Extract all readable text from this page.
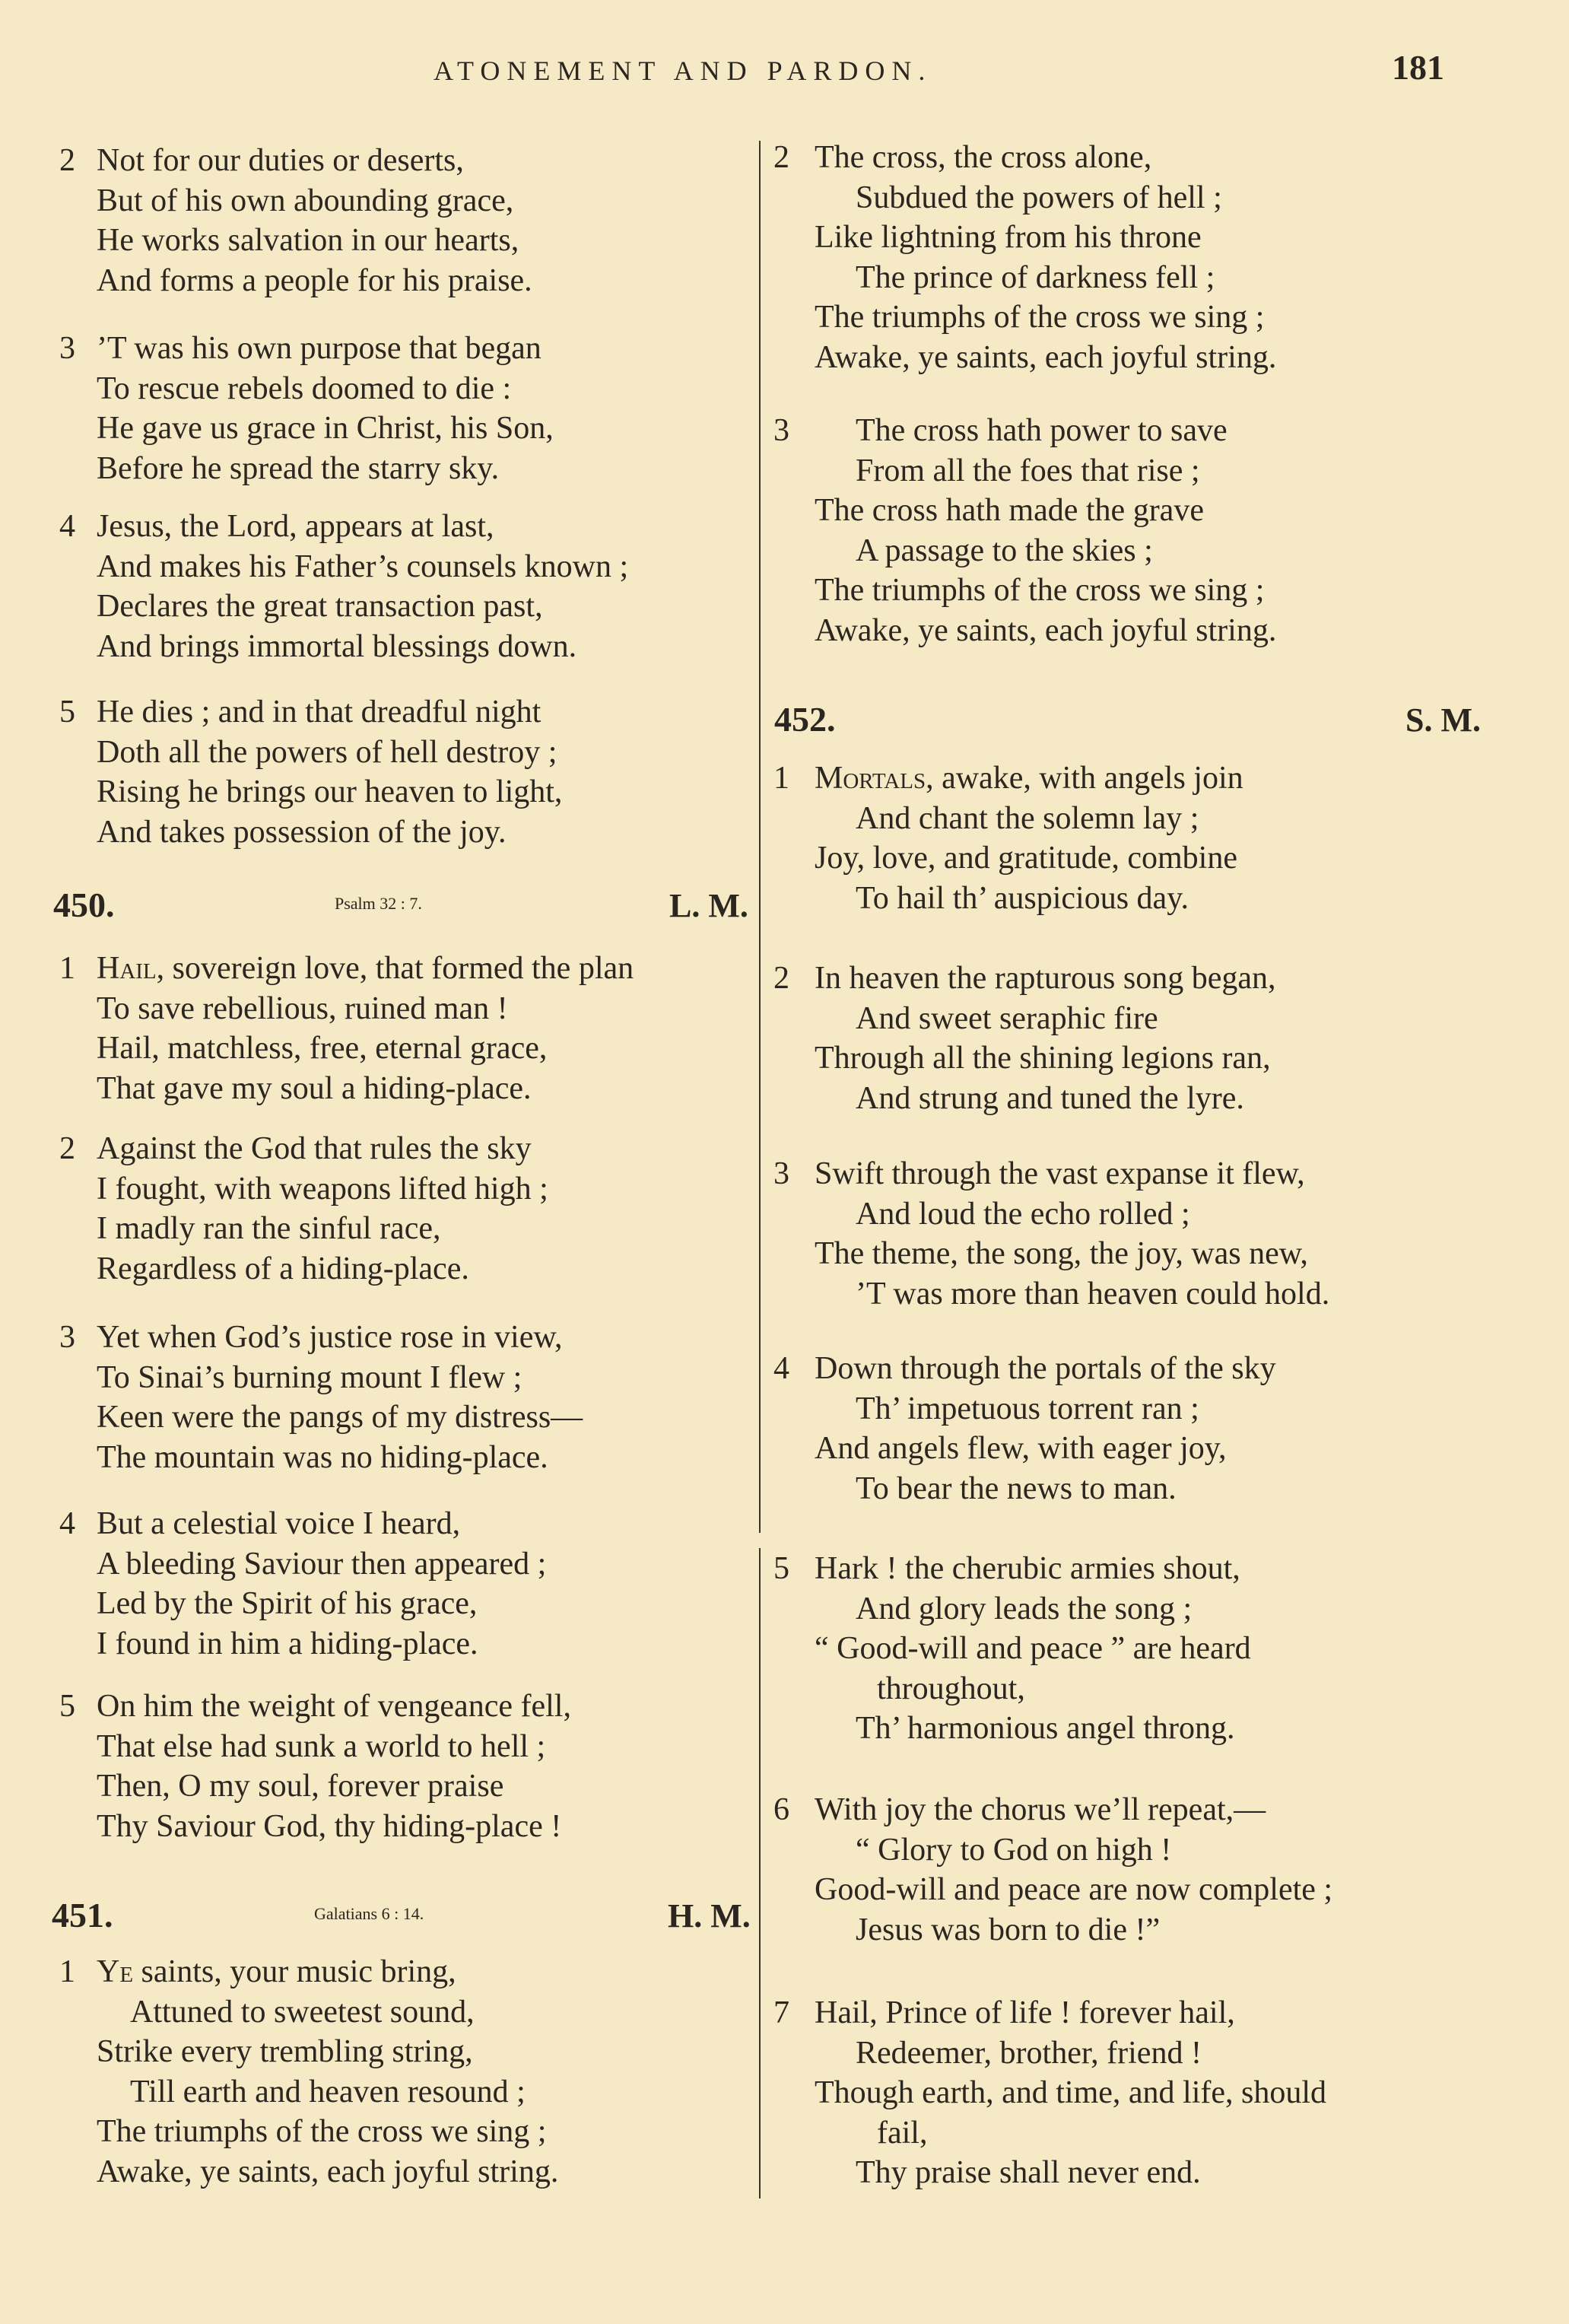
ATONEMENT AND PARDON.	181
2 Not for our duties or deserts,
But of his own abounding grace,
He works salvation in our hearts,
And forms a people for his praise.
3 ’T was his own purpose that began
To rescue rebels doomed to die :
He gave us grace in Christ, his Son,
Before he spread the starry sky.
4 Jesus, the Lord, appears at last,
And makes his Father’s counsels known ;
Declares the great transaction past,
And brings immortal blessings down.
5 He dies ; and in that dreadful night
Doth all the powers of hell destroy ;
Rising he brings our heaven to light,
And takes possession of the joy.
450.	Psalm 32 : 7.	L. M.
1 Hail, sovereign love, that formed the plan
To save rebellious, ruined man !
Hail, matchless, free, eternal grace,
That gave my soul a hiding-place.
2 Against the God that rules the sky
I fought, with weapons lifted high ;
I madly ran the sinful race,
Regardless of a hiding-place.
3 Yet when God’s justice rose in view,
To Sinai’s burning mount I flew ;
Keen were the pangs of my distress—
The mountain was no hiding-place.
4 But a celestial voice I heard,
A bleeding Saviour then appeared ;
Led by the Spirit of his grace,
I found in him a hiding-place.
5 On him the weight of vengeance fell,
That else had sunk a world to hell ;
Then, O my soul, forever praise
Thy Saviour God, thy hiding-place !
451.	Galatians 6 : 14.	H. M.
1 Ye saints, your music bring,
Attuned to sweetest sound,
Strike every trembling string,
Till earth and heaven resound ;
The triumphs of the cross we sing ;
Awake, ye saints, each joyful string.
2 The cross, the cross alone,
Subdued the powers of hell ;
Like lightning from his throne
The prince of darkness fell ;
The triumphs of the cross we sing ;
Awake, ye saints, each joyful string.
3	The cross hath power to save
From all the foes that rise ;
The cross hath made the grave
A passage to the skies ;
The triumphs of the cross we sing ;
Awake, ye saints, each joyful string.
452.	S. M.
1 Mortals, awake, with angels join
And chant the solemn lay ;
Joy, love, and gratitude, combine
To hail th’ auspicious day.
2 In heaven the rapturous song began,
And sweet seraphic fire
Through all the shining legions ran,
And strung and tuned the lyre.
3 Swift through the vast expanse it flew,
And loud the echo rolled ;
The theme, the song, the joy, was new,
’T was more than heaven could hold.
4 Down through the portals of the sky
Th’ impetuous torrent ran ;
And angels flew, with eager joy,
To bear the news to man.
5 Hark ! the cherubic armies shout,
And glory leads the song ;
“ Good-will and peace ” are heard
throughout,
Th’ harmonious angel throng.
6 With joy the chorus we’ll repeat,—
“ Glory to God on high !
Good-will and peace are now complete ;
Jesus was born to die !”
7 Hail, Prince of life ! forever hail,
Redeemer, brother, friend !
Though earth, and time, and life, should
fail,
Thy praise shall never end.
